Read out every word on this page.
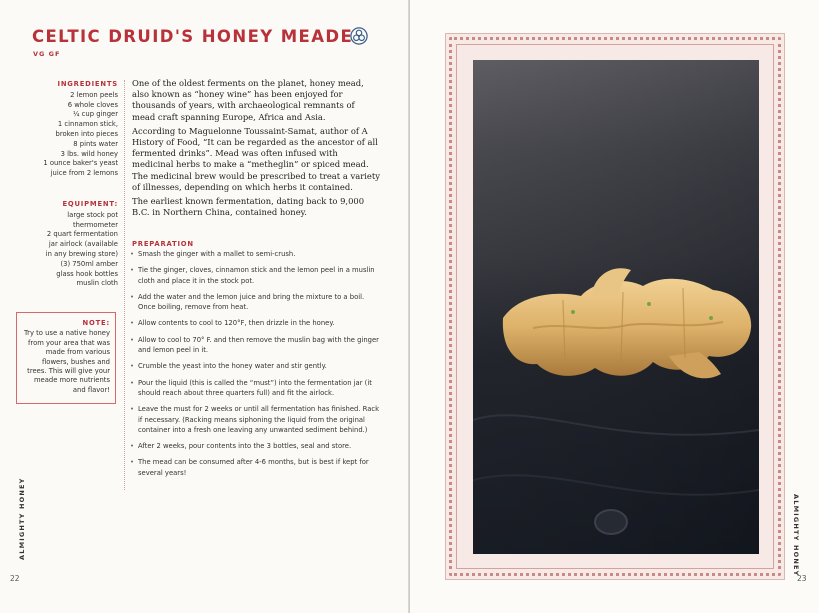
CELTIC DRUID'S HONEY MEADE
VG GF
INGREDIENTS
2 lemon peels
6 whole cloves
¼ cup ginger
1 cinnamon stick,
broken into pieces
8 pints water
3 lbs. wild honey
1 ounce baker's yeast
juice from 2 lemons
EQUIPMENT:
large stock pot
thermometer
2 quart fermentation
jar airlock (available
in any brewing store)
(3) 750ml amber
glass hook bottles
muslin cloth
NOTE:
Try to use a native honey from your area that was made from various flowers, bushes and trees. This will give your meade more nutrients and flavor!

One of the oldest ferments on the planet, honey mead, also known as “honey wine” has been enjoyed for thousands of years, with archaeological remnants of mead craft spanning Europe, Africa and Asia.

According to Maguelonne Toussaint-Samat, author of A History of Food, “It can be regarded as the ancestor of all fermented drinks”. Mead was often infused with medicinal herbs to make a “metheglin” or spiced mead. The medicinal brew would be prescribed to treat a variety of illnesses, depending on which herbs it contained.

The earliest known fermentation, dating back to 9,000 B.C. in Northern China, contained honey.

PREPARATION
• Smash the ginger with a mallet to semi-crush.
• Tie the ginger, cloves, cinnamon stick and the lemon peel in a muslin cloth and place it in the stock pot.
• Add the water and the lemon juice and bring the mixture to a boil. Once boiling, remove from heat.
• Allow contents to cool to 120°F, then drizzle in the honey.
• Allow to cool to 70° F. and then remove the muslin bag with the ginger and lemon peel in it.
• Crumble the yeast into the honey water and stir gently.
• Pour the liquid (this is called the “must”) into the fermentation jar (it should reach about three quarters full) and fit the airlock.
• Leave the must for 2 weeks or until all fermentation has finished. Rack if necessary. (Racking means siphoning the liquid from the original container into a fresh one leaving any unwanted sediment behind.)
• After 2 weeks, pour contents into the 3 bottles, seal and store.
• The mead can be consumed after 4-6 months, but is best if kept for several years!
ALMIGHTY HONEY
22
ALMIGHTY HONEY
23
